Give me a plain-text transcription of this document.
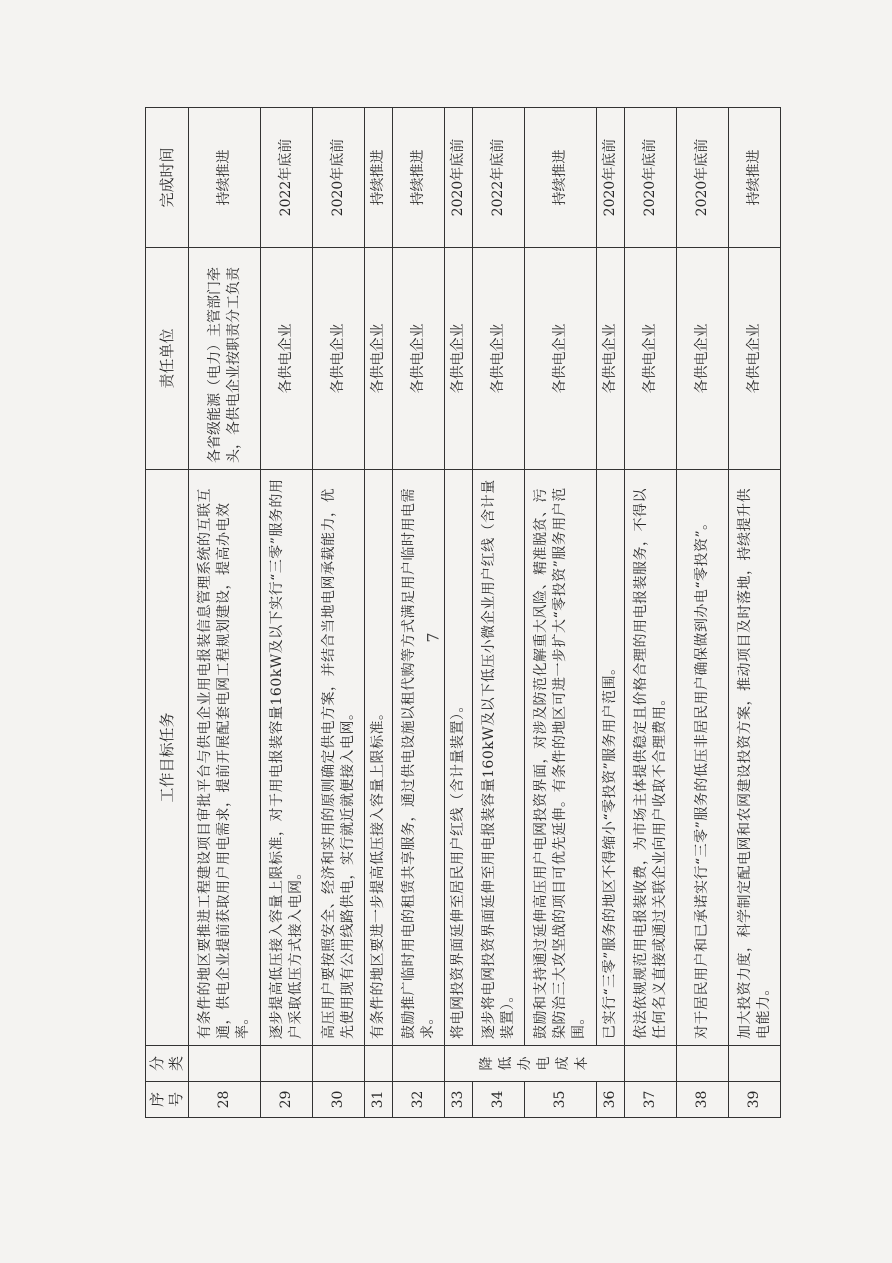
序号	分类	工作目标任务	责任单位	完成时间
28		有条件的地区要推进工程建设项目审批平台与供电企业用电报装信息管理系统的互联互通，供电企业提前获取用户用电需求，提前开展配套电网工程规划建设，提高办电效率。	各省级能源（电力）主管部门牵头，各供电企业按职责分工负责	持续推进
29		逐步提高低压接入容量上限标准，对于用电报装容量160kW及以下实行“三零”服务的用户采取低压方式接入电网。	各供电企业	2022年底前
30		高压用户要按照安全、经济和实用的原则确定供电方案，并结合当地电网承载能力，优先使用现有公用线路供电，实行就近就便接入电网。	各供电企业	2020年底前
31		有条件的地区要进一步提高低压接入容量上限标准。	各供电企业	持续推进
32		鼓励推广临时用电的租赁共享服务，通过供电设施以租代购等方式满足用户临时用电需求。	各供电企业	持续推进
33	降低办电成本	将电网投资界面延伸至居民用户红线（含计量装置）。	各供电企业	2020年底前
34		逐步将电网投资界面延伸至用电报装容量160kW及以下低压小微企业用户红线（含计量装置）。	各供电企业	2022年底前
35		鼓励和支持通过延伸高压用户电网投资界面，对涉及防范化解重大风险、精准脱贫、污染防治三大攻坚战的项目可优先延伸。有条件的地区可进一步扩大“零投资”服务用户范围。	各供电企业	持续推进
36		已实行“三零”服务的地区不得缩小“零投资”服务用户范围。	各供电企业	2020年底前
37		依法依规规范用电报装收费，为市场主体提供稳定且价格合理的用电报装服务，不得以任何名义直接或通过关联企业向用户收取不合理费用。	各供电企业	2020年底前
38		对于居民用户和已承诺实行“三零”服务的低压非居民用户确保做到办电“零投资”。	各供电企业	2020年底前
39		加大投资力度，科学制定配电网和农网建设投资方案，推动项目及时落地，持续提升供电能力。	各供电企业	持续推进
7
